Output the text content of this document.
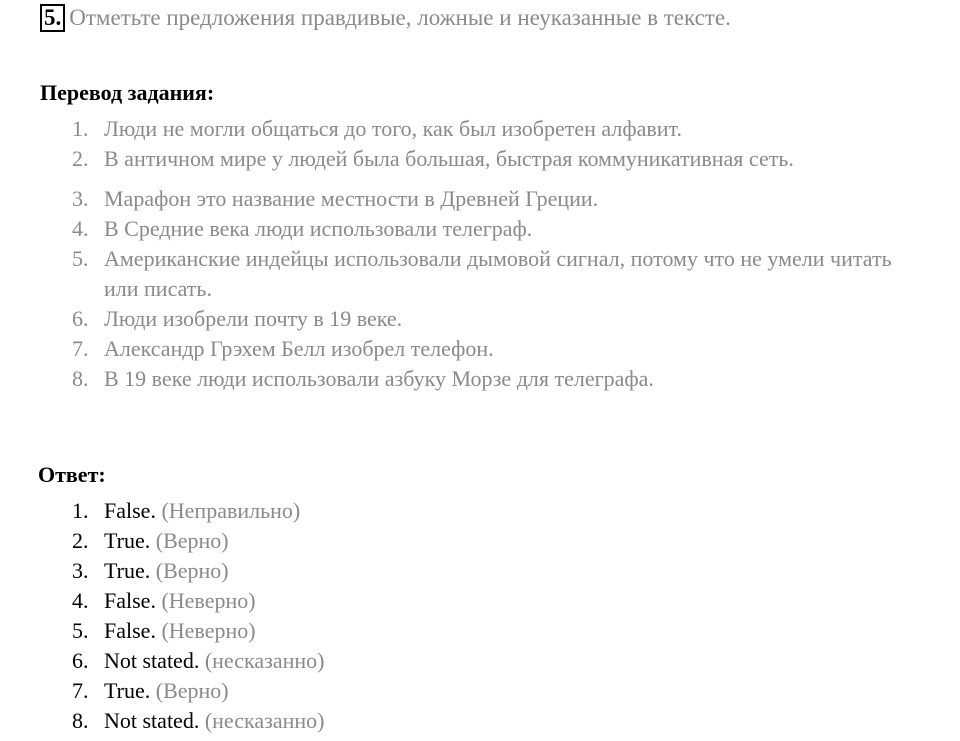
5. Отметьте предложения правдивые, ложные и неуказанные в тексте.
Перевод задания:
1. Люди не могли общаться до того, как был изобретен алфавит.
2. В античном мире у людей была большая, быстрая коммуникативная сеть.
3. Марафон это название местности в Древней Греции.
4. В Средние века люди использовали телеграф.
5. Американские индейцы использовали дымовой сигнал, потому что не умели читать или писать.
6. Люди изобрели почту в 19 веке.
7. Александр Грэхем Белл изобрел телефон.
8. В 19 веке люди использовали азбуку Морзе для телеграфа.
Ответ:
1. False. (Неправильно)
2. True. (Верно)
3. True. (Верно)
4. False. (Неверно)
5. False. (Неверно)
6. Not stated. (несказанно)
7. True. (Верно)
8. Not stated. (несказанно)
